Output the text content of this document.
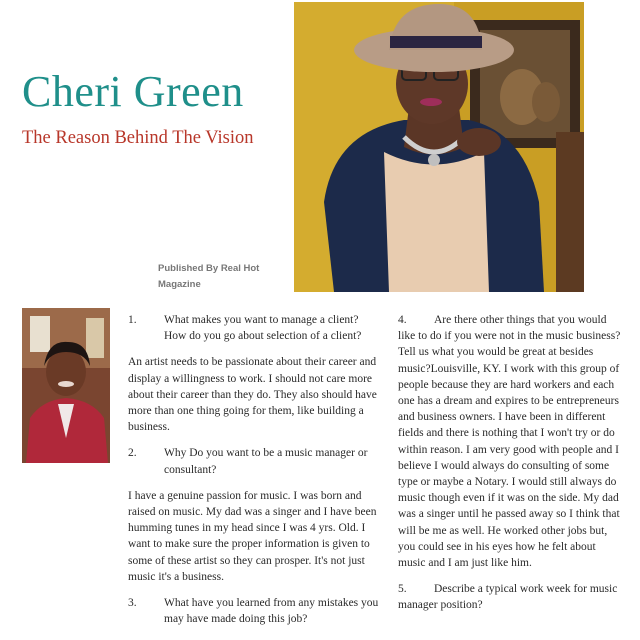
Cheri Green
The Reason Behind The Vision
Published By Real Hot Magazine

1.	What makes you want to manage a client? How do you go about selection of a client?

An artist needs to be passionate about their career and display a willingness to work. I should not care more about their career than they do. They also should have more than one thing going for them, like building a business.

2.	Why Do you want to be a music manager or consultant?

I have a genuine passion for music. I was born and raised on music. My dad was a singer and I have been humming tunes in my head since I was 4 yrs. Old. I want to make sure the proper information is given to some of these artist so they can prosper. It's not just music it's a business.

3.	What have you learned from any mistakes you may have made doing this job?

4. Are there other things that you would like to do if you were not in the music business? Tell us what you would be great at besides music?Louisville, KY. I work with this group of people because they are hard workers and each one has a dream and expires to be entrepreneurs and business owners. I have been in different fields and there is nothing that I won't try or do within reason. I am very good with people and I believe I would always do consulting of some type or maybe a Notary. I would still always do music though even if it was on the side. My dad was a singer until he passed away so I think that will be me as well. He worked other jobs but, you could see in his eyes how he felt about music and I am just like him.

5. Describe a typical work week for music manager position?
